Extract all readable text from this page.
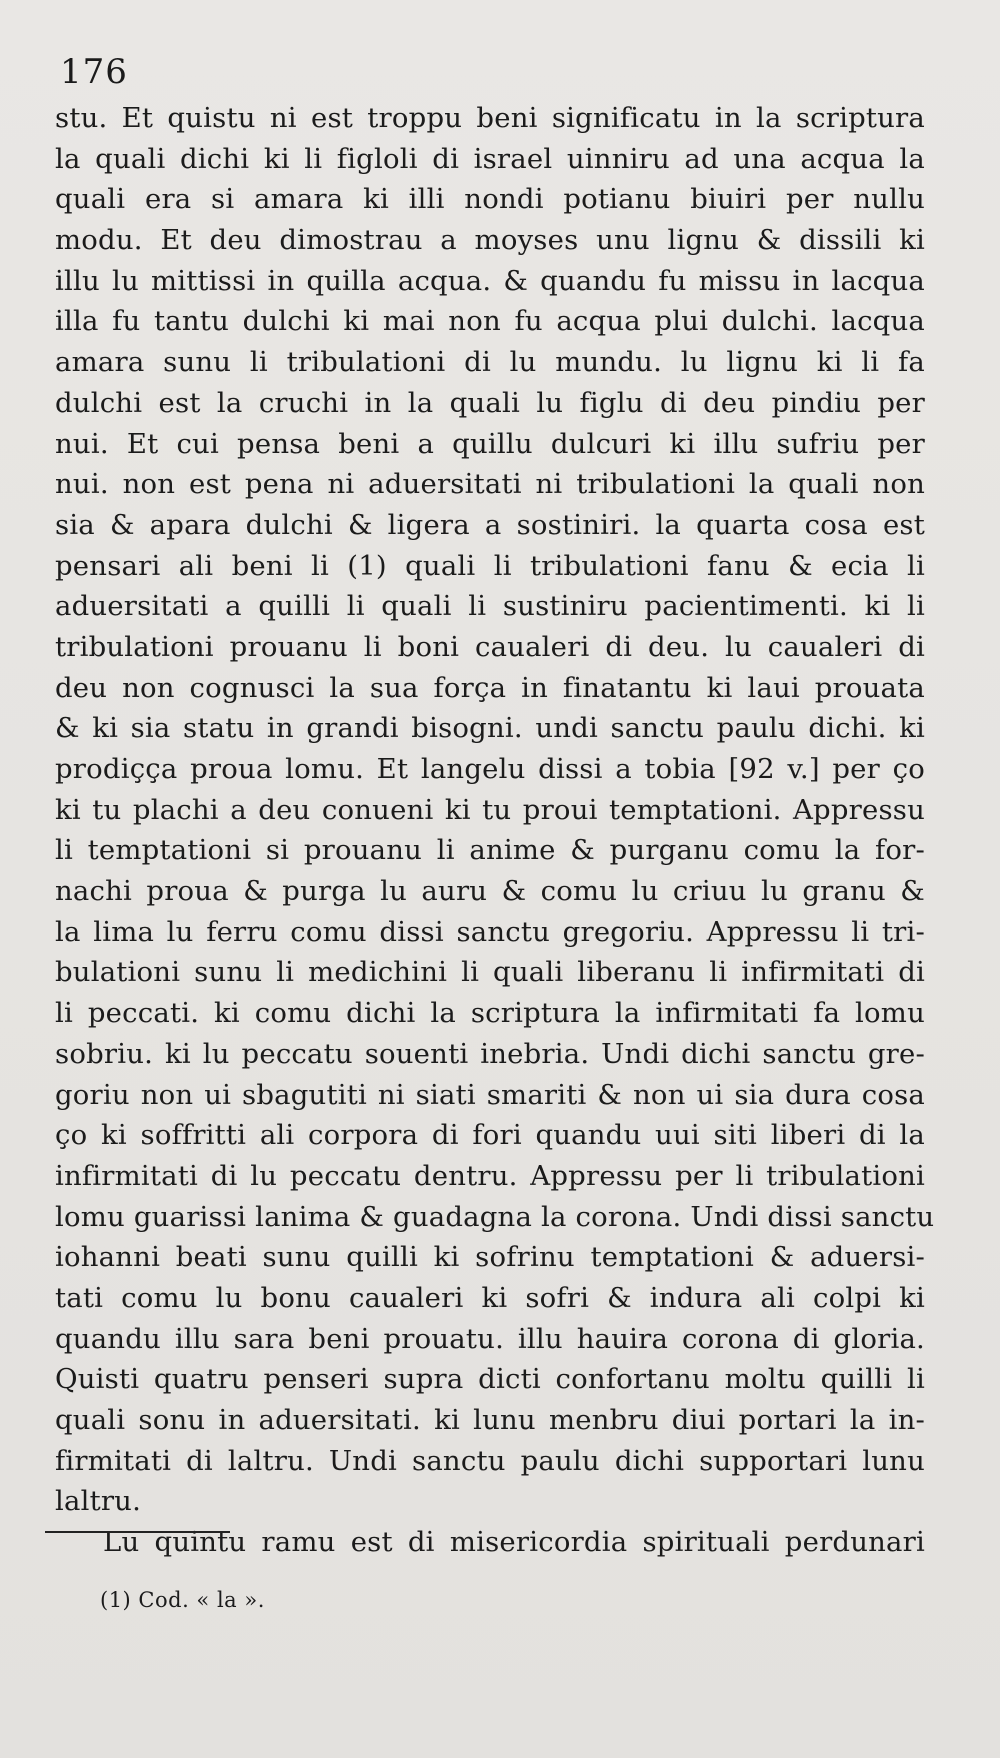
176
stu. Et quistu ni est troppu beni significatu in la scriptura
la quali dichi ki li figloli di israel uinniru ad una acqua la
quali era si amara ki illi nondi potianu biuiri per nullu
modu. Et deu dimostrau a moyses unu lignu & dissili ki
illu lu mittissi in quilla acqua. & quandu fu missu in lacqua
illa fu tantu dulchi ki mai non fu acqua plui dulchi. lacqua
amara sunu li tribulationi di lu mundu. lu lignu ki li fa
dulchi est la cruchi in la quali lu figlu di deu pindiu per
nui. Et cui pensa beni a quillu dulcuri ki illu sufriu per
nui. non est pena ni aduersitati ni tribulationi la quali non
sia & apara dulchi & ligera a sostiniri. la quarta cosa est
pensari ali beni li (1) quali li tribulationi fanu & ecia li
aduersitati a quilli li quali li sustiniru pacientimenti. ki li
tribulationi prouanu li boni caualeri di deu. lu caualeri di
deu non cognusci la sua força in finatantu ki laui prouata
& ki sia statu in grandi bisogni. undi sanctu paulu dichi. ki
prodiçça proua lomu. Et langelu dissi a tobia [92 v.] per ço
ki tu plachi a deu conueni ki tu proui temptationi. Appressu
li temptationi si prouanu li anime & purganu comu la for-
nachi proua & purga lu auru & comu lu criuu lu granu &
la lima lu ferru comu dissi sanctu gregoriu. Appressu li tri-
bulationi sunu li medichini li quali liberanu li infirmitati di
li peccati. ki comu dichi la scriptura la infirmitati fa lomu
sobriu. ki lu peccatu souenti inebria. Undi dichi sanctu gre-
goriu non ui sbagutiti ni siati smariti & non ui sia dura cosa
ço ki soffritti ali corpora di fori quandu uui siti liberi di la
infirmitati di lu peccatu dentru. Appressu per li tribulationi
lomu guarissi lanima & guadagna la corona. Undi dissi sanctu
iohanni beati sunu quilli ki sofrinu temptationi & aduersi-
tati comu lu bonu caualeri ki sofri & indura ali colpi ki
quandu illu sara beni prouatu. illu hauira corona di gloria.
Quisti quatru penseri supra dicti confortanu moltu quilli li
quali sonu in aduersitati. ki lunu menbru diui portari la in-
firmitati di laltru. Undi sanctu paulu dichi supportari lunu
laltru.
Lu quintu ramu est di misericordia spirituali perdunari
(1) Cod. « la ».
